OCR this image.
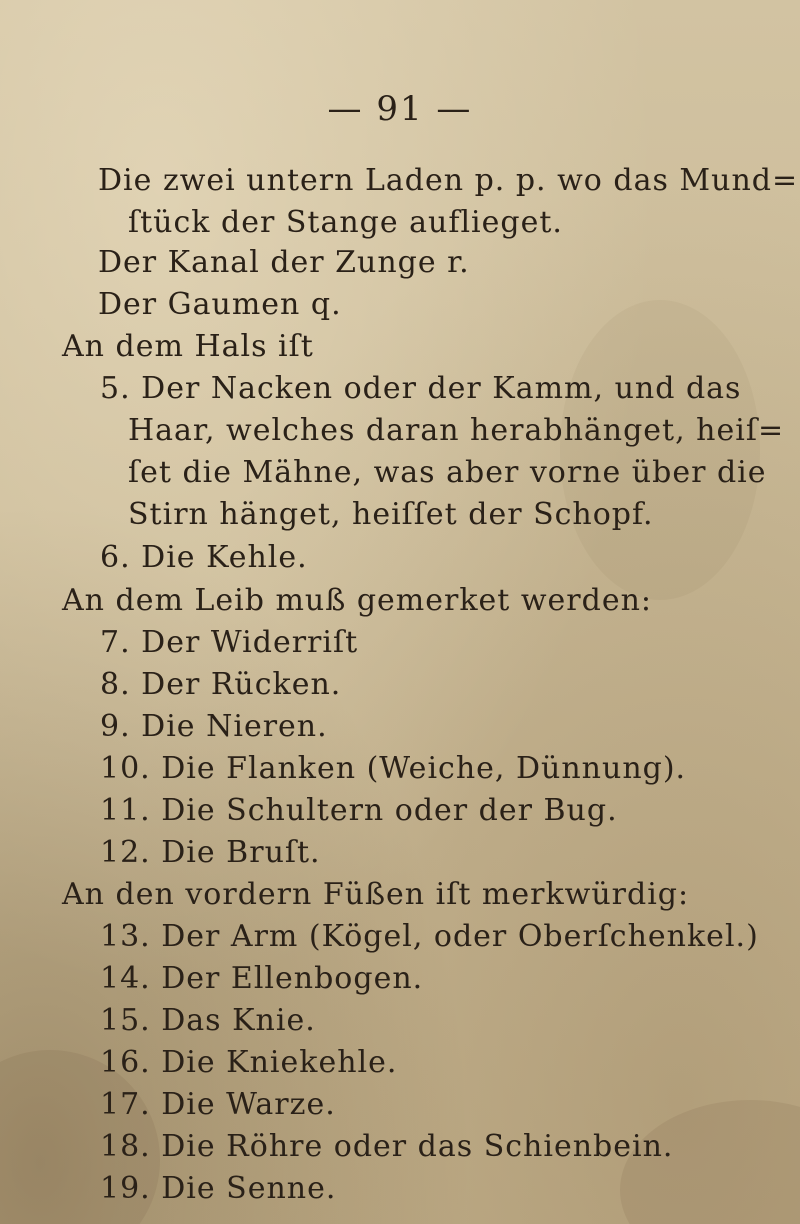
— 91 —
Die zwei untern Laden p. p. wo das Mund=
ſtück der Stange auflieget.
Der Kanal der Zunge r.
Der Gaumen q.
An dem Hals iſt
5. Der Nacken oder der Kamm, und das
Haar, welches daran herabhänget, heiſ=
ſet die Mähne, was aber vorne über die
Stirn hänget, heiſſet der Schopf.
6. Die Kehle.
An dem Leib muß gemerket werden:
7. Der Widerriſt
8. Der Rücken.
9. Die Nieren.
10. Die Flanken (Weiche, Dünnung).
11. Die Schultern oder der Bug.
12. Die Bruſt.
An den vordern Füßen iſt merkwürdig:
13. Der Arm (Kögel, oder Oberſchenkel.)
14. Der Ellenbogen.
15. Das Knie.
16. Die Kniekehle.
17. Die Warze.
18. Die Röhre oder das Schienbein.
19. Die Senne.
